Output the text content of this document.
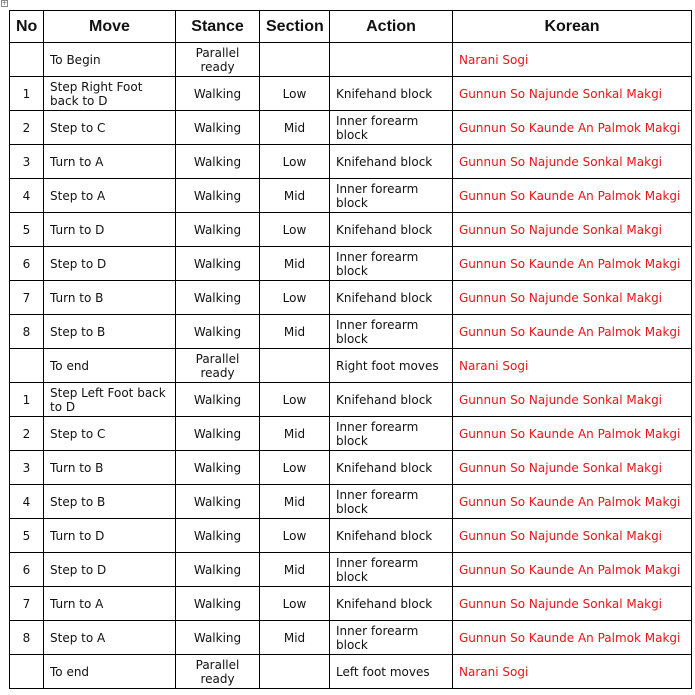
+
No	Move	Stance	Section	Action	Korean
	To Begin	Parallel ready			Narani Sogi
1	Step Right Foot back to D	Walking	Low	Knifehand block	Gunnun So Najunde Sonkal Makgi
2	Step to C	Walking	Mid	Inner forearm block	Gunnun So Kaunde An Palmok Makgi
3	Turn to A	Walking	Low	Knifehand block	Gunnun So Najunde Sonkal Makgi
4	Step to A	Walking	Mid	Inner forearm block	Gunnun So Kaunde An Palmok Makgi
5	Turn to D	Walking	Low	Knifehand block	Gunnun So Najunde Sonkal Makgi
6	Step to D	Walking	Mid	Inner forearm block	Gunnun So Kaunde An Palmok Makgi
7	Turn to B	Walking	Low	Knifehand block	Gunnun So Najunde Sonkal Makgi
8	Step to B	Walking	Mid	Inner forearm block	Gunnun So Kaunde An Palmok Makgi
	To end	Parallel ready		Right foot moves	Narani Sogi
1	Step Left Foot back to D	Walking	Low	Knifehand block	Gunnun So Najunde Sonkal Makgi
2	Step to C	Walking	Mid	Inner forearm block	Gunnun So Kaunde An Palmok Makgi
3	Turn to B	Walking	Low	Knifehand block	Gunnun So Najunde Sonkal Makgi
4	Step to B	Walking	Mid	Inner forearm block	Gunnun So Kaunde An Palmok Makgi
5	Turn to D	Walking	Low	Knifehand block	Gunnun So Najunde Sonkal Makgi
6	Step to D	Walking	Mid	Inner forearm block	Gunnun So Kaunde An Palmok Makgi
7	Turn to A	Walking	Low	Knifehand block	Gunnun So Najunde Sonkal Makgi
8	Step to A	Walking	Mid	Inner forearm block	Gunnun So Kaunde An Palmok Makgi
	To end	Parallel ready		Left foot moves	Narani Sogi
